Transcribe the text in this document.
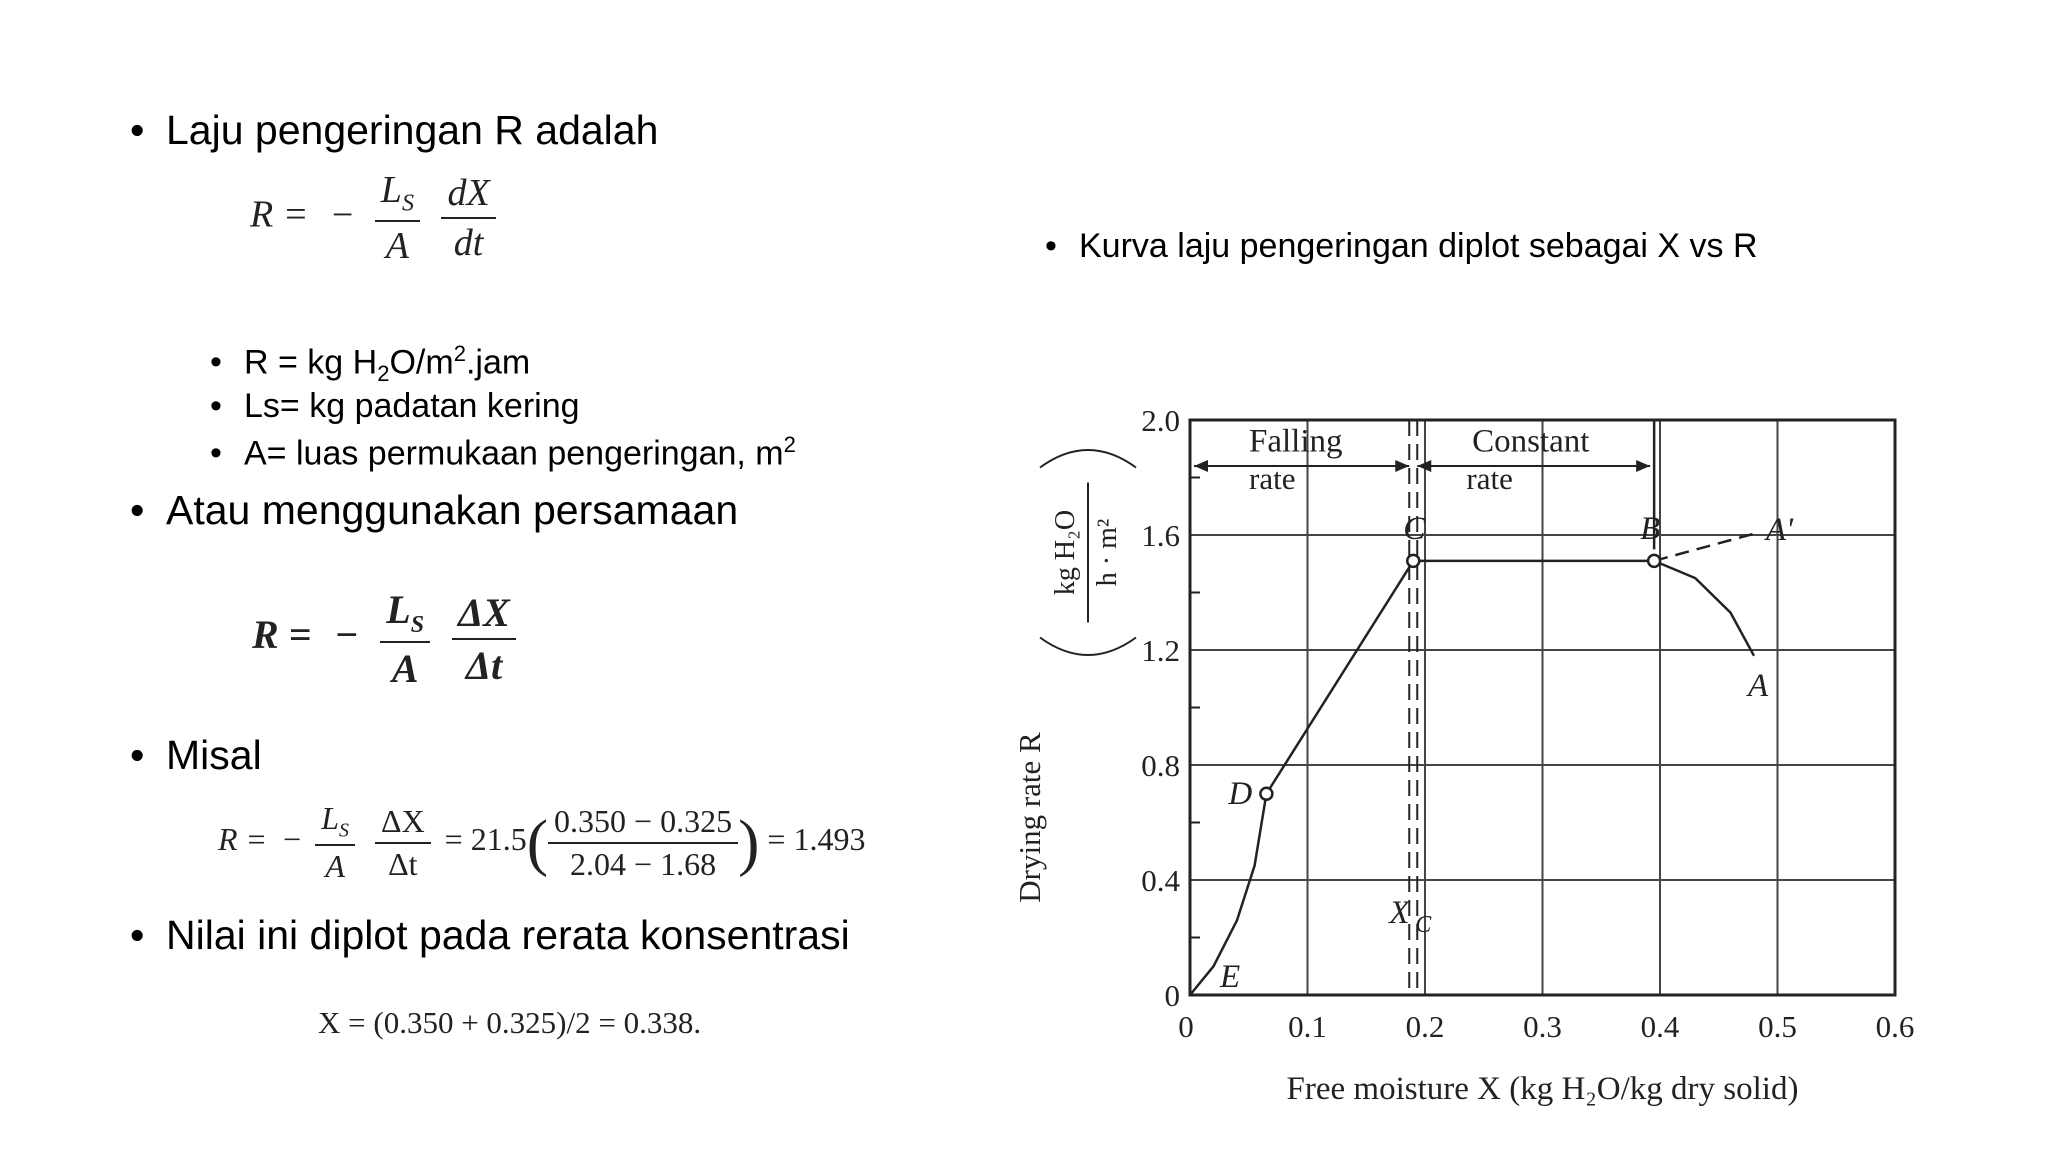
• Laju pengeringan R adalah
R = − $\frac{L_S}{A}$
$\frac{dX}{dt}$
• R = kg $H_2O/m^2.jam$
• Ls= kg padatan kering
• A= luas permukaan pengeringan, $m^2$
• Atau menggunakan persamaan
R = − $\frac{L_S}{A}$
$\frac{\Delta X}{\Delta t}$
• Misal
R = − $\frac{L_S}{A}$
$\frac{\Delta X}{\Delta t} = 21.5( \frac{0.350 - 0.325}{2.04 - 1.68}$ ) = 1.493
• Nilai ini diplot pada rerata konsentrasi
X = (0.350 + 0.325)/2 = 0.338.
• Kurva laju pengeringan diplot sebagai X vs R
0	0.1	0.2	0.3	0.4	0.5	0.6
0
0.4
0.8
1.2
1.6
2.0
Falling
rate
Constant
rate
E
D
C	B	A'
A
X C
Free moisture X (kg H₂O/kg dry solid)
Drying rate R
kg H₂O h · m²
